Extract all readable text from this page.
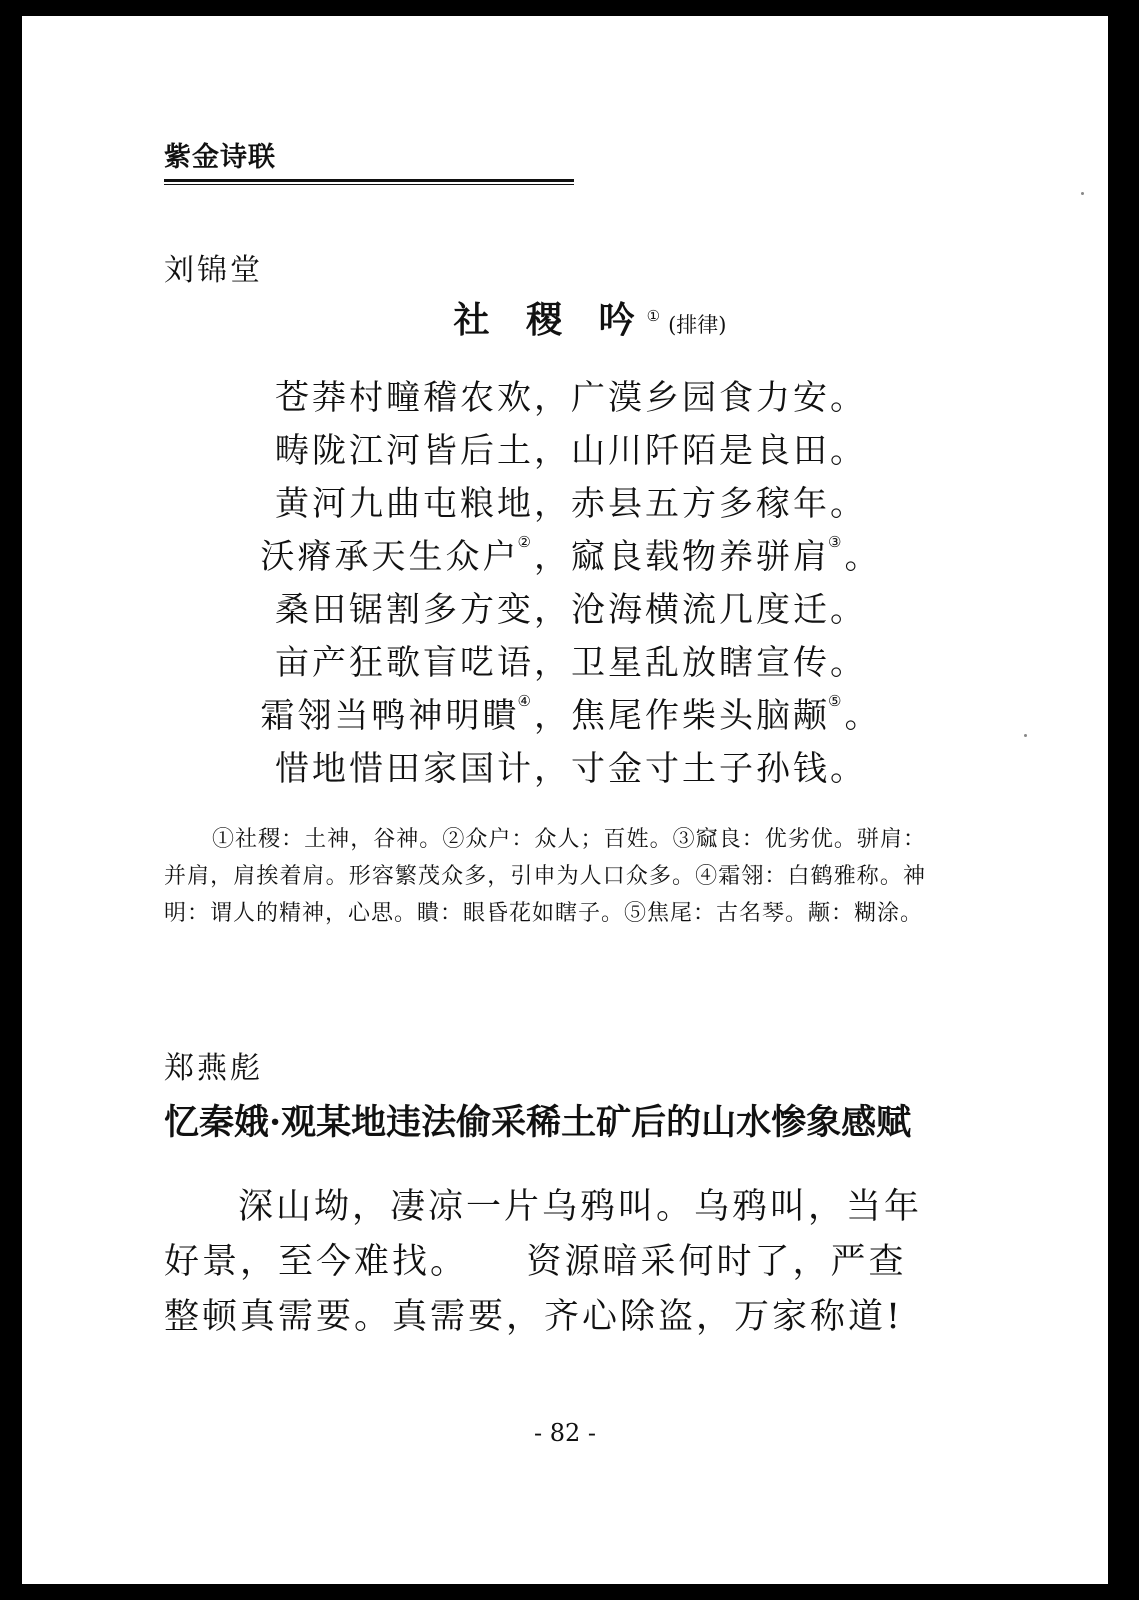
紫金诗联
刘锦堂
社 稷 吟① (排律)
苍莽村疃稽农欢，广漠乡园食力安。
畴陇江河皆后土，山川阡陌是良田。
黄河九曲屯粮地，赤县五方多稼年。
沃瘠承天生众户②，窳良载物养骈肩③。
桑田锯割多方变，沧海横流几度迁。
亩产狂歌盲呓语，卫星乱放瞎宣传。
霜翎当鸭神明瞶④，焦尾作柴头脑颟⑤。
惜地惜田家国计，寸金寸土子孙钱。
①社稷：土神，谷神。②众户：众人；百姓。③窳良：优劣优。骈肩：并肩，肩挨着肩。形容繁茂众多，引申为人口众多。④霜翎：白鹤雅称。神明：谓人的精神，心思。瞶：眼昏花如瞎子。⑤焦尾：古名琴。颟：糊涂。
郑燕彪
忆秦娥·观某地违法偷采稀土矿后的山水惨象感赋
深山坳，凄凉一片乌鸦叫。乌鸦叫，当年好景，至今难找。　　资源暗采何时了，严查整顿真需要。真需要，齐心除盗，万家称道!
- 82 -
